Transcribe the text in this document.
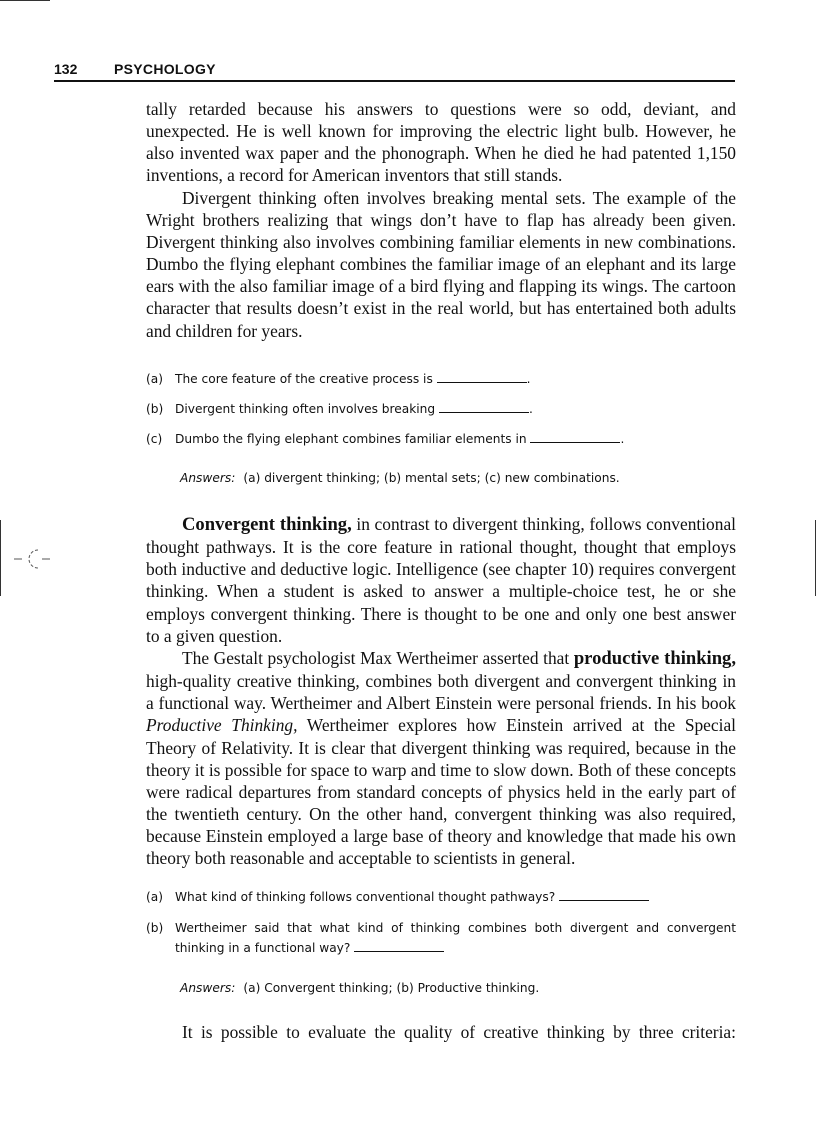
132	PSYCHOLOGY

tally retarded because his answers to questions were so odd, deviant, and unexpected. He is well known for improving the electric light bulb. However, he also invented wax paper and the phonograph. When he died he had patented 1,150 inventions, a record for American inventors that still stands.

Divergent thinking often involves breaking mental sets. The example of the Wright brothers realizing that wings don’t have to flap has already been given. Divergent thinking also involves combining familiar elements in new combinations. Dumbo the flying elephant combines the familiar image of an elephant and its large ears with the also familiar image of a bird flying and flapping its wings. The cartoon character that results doesn’t exist in the real world, but has entertained both adults and children for years.

(a) The core feature of the creative process is	.
(b) Divergent thinking often involves breaking	.
(c)	Dumbo the flying elephant combines familiar elements in	.
Answers: (a) divergent thinking; (b) mental sets; (c) new combinations.

Convergent thinking, in contrast to divergent thinking, follows conventional thought pathways. It is the core feature in rational thought, thought that employs both inductive and deductive logic. Intelligence (see chapter 10) requires convergent thinking. When a student is asked to answer a multiple-choice test, he or she employs convergent thinking. There is thought to be one and only one best answer to a given question.

The Gestalt psychologist Max Wertheimer asserted that productive thinking, high-quality creative thinking, combines both divergent and convergent thinking in a functional way. Wertheimer and Albert Einstein were personal friends. In his book Productive Thinking, Wertheimer explores how Einstein arrived at the Special Theory of Relativity. It is clear that divergent thinking was required, because in the theory it is possible for space to warp and time to slow down. Both of these concepts were radical departures from standard concepts of physics held in the early part of the twentieth century. On the other hand, convergent thinking was also required, because Einstein employed a large base of theory and knowledge that made his own theory both reasonable and acceptable to scientists in general.

(a) What kind of thinking follows conventional thought pathways?
(b) Wertheimer said that what kind of thinking combines both divergent and convergent thinking in a functional way?
Answers: (a) Convergent thinking; (b) Productive thinking.

It is possible to evaluate the quality of creative thinking by three criteria:
